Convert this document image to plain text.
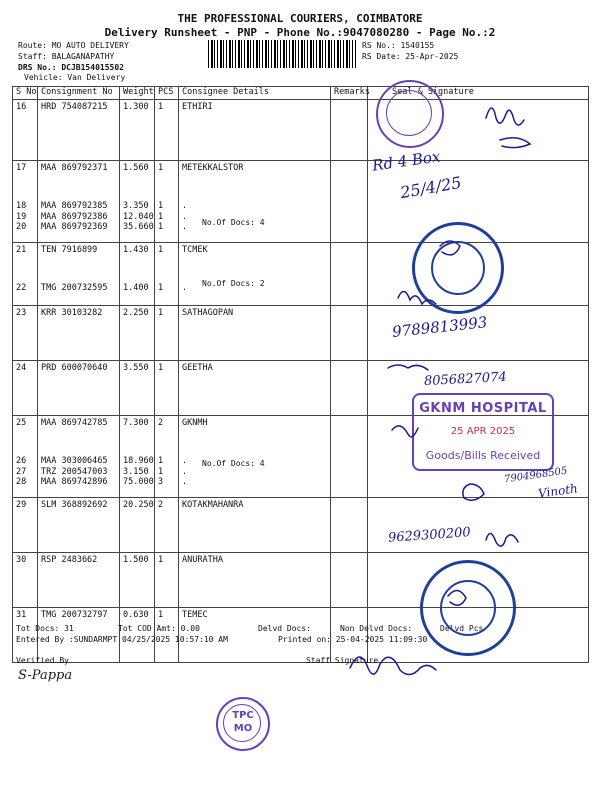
THE PROFESSIONAL COURIERS, COIMBATORE
Delivery Runsheet - PNP - Phone No.:9047080280 - Page No.:2
Route: MO AUTO DELIVERY
Staff: BALAGANAPATHY
DRS No.: DCJB154015502
Vehicle: Van Delivery
RS No.: 1540155
RS Date: 25-Apr-2025
S No	Consignment No	Weight	PCS	Consignee Details	Remarks	Seal & Signature
16	HRD 754087215	1.300	1	ETHIRI		
17	MAA 869792371	1.560	1	METEKKALSTOR		
18	MAA 869792385	3.350	1	.		
19	MAA 869792386	12.040	1	.		
20	MAA 869792369	35.660	1	.		
21	TEN 7916899	1.430	1	TCMEK		
22	TMG 200732595	1.400	1	.		
23	KRR 30103282	2.250	1	SATHAGOPAN		
24	PRD 600070640	3.550	1	GEETHA		
25	MAA 869742785	7.300	2	GKNMH		
26	MAA 303006465	18.960	1	.		
27	TRZ 200547003	3.150	1	.		
28	MAA 869742896	75.000	3	.		
29	SLM 368892692	20.250	2	KOTAKMAHANRA		
30	RSP 2483662	1.500	1	ANURATHA		
31	TMG 200732797	0.630	1	TEMEC		

No.Of Docs: 4
No.Of Docs: 2
No.Of Docs: 4
Tot Docs: 31	Tot COD Amt: 0.00	Delvd Docs:	Non Delvd Docs:	Delvd Pcs
Entered By :SUNDARMPT 04/25/2025 10:57:10 AM	Printed on: 25-04-2025 11:09:30
Verified By	Staff Signature
GKNM HOSPITAL
25 APR 2025
Goods/Bills Received
TPC
MO
Rd 4 Box
25/4/25
9789813993
8056827074
9629300200
7904968505
Vinoth
S-Pappa
